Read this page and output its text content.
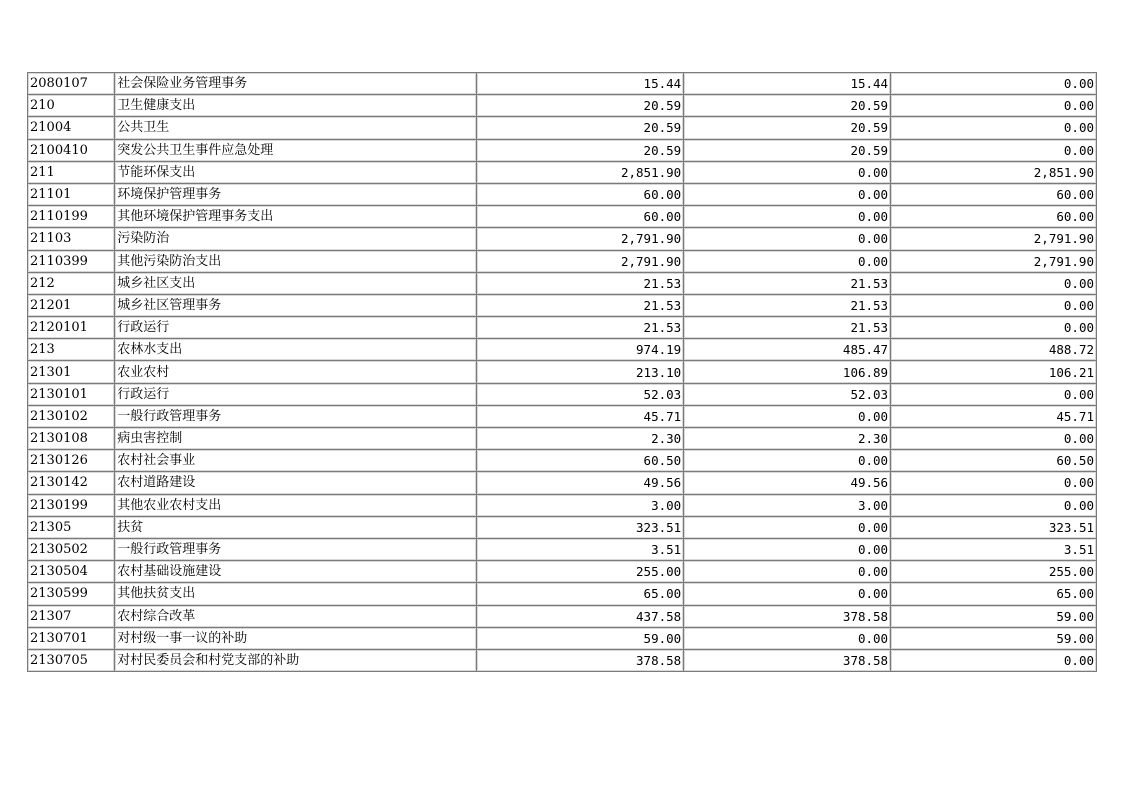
2080107	社会保险业务管理事务	15.44	15.44	0.00
210	卫生健康支出	20.59	20.59	0.00
21004	公共卫生	20.59	20.59	0.00
2100410	突发公共卫生事件应急处理	20.59	20.59	0.00
211	节能环保支出	2,851.90	0.00	2,851.90
21101	环境保护管理事务	60.00	0.00	60.00
2110199	其他环境保护管理事务支出	60.00	0.00	60.00
21103	污染防治	2,791.90	0.00	2,791.90
2110399	其他污染防治支出	2,791.90	0.00	2,791.90
212	城乡社区支出	21.53	21.53	0.00
21201	城乡社区管理事务	21.53	21.53	0.00
2120101	行政运行	21.53	21.53	0.00
213	农林水支出	974.19	485.47	488.72
21301	农业农村	213.10	106.89	106.21
2130101	行政运行	52.03	52.03	0.00
2130102	一般行政管理事务	45.71	0.00	45.71
2130108	病虫害控制	2.30	2.30	0.00
2130126	农村社会事业	60.50	0.00	60.50
2130142	农村道路建设	49.56	49.56	0.00
2130199	其他农业农村支出	3.00	3.00	0.00
21305	扶贫	323.51	0.00	323.51
2130502	一般行政管理事务	3.51	0.00	3.51
2130504	农村基础设施建设	255.00	0.00	255.00
2130599	其他扶贫支出	65.00	0.00	65.00
21307	农村综合改革	437.58	378.58	59.00
2130701	对村级一事一议的补助	59.00	0.00	59.00
2130705	对村民委员会和村党支部的补助	378.58	378.58	0.00
